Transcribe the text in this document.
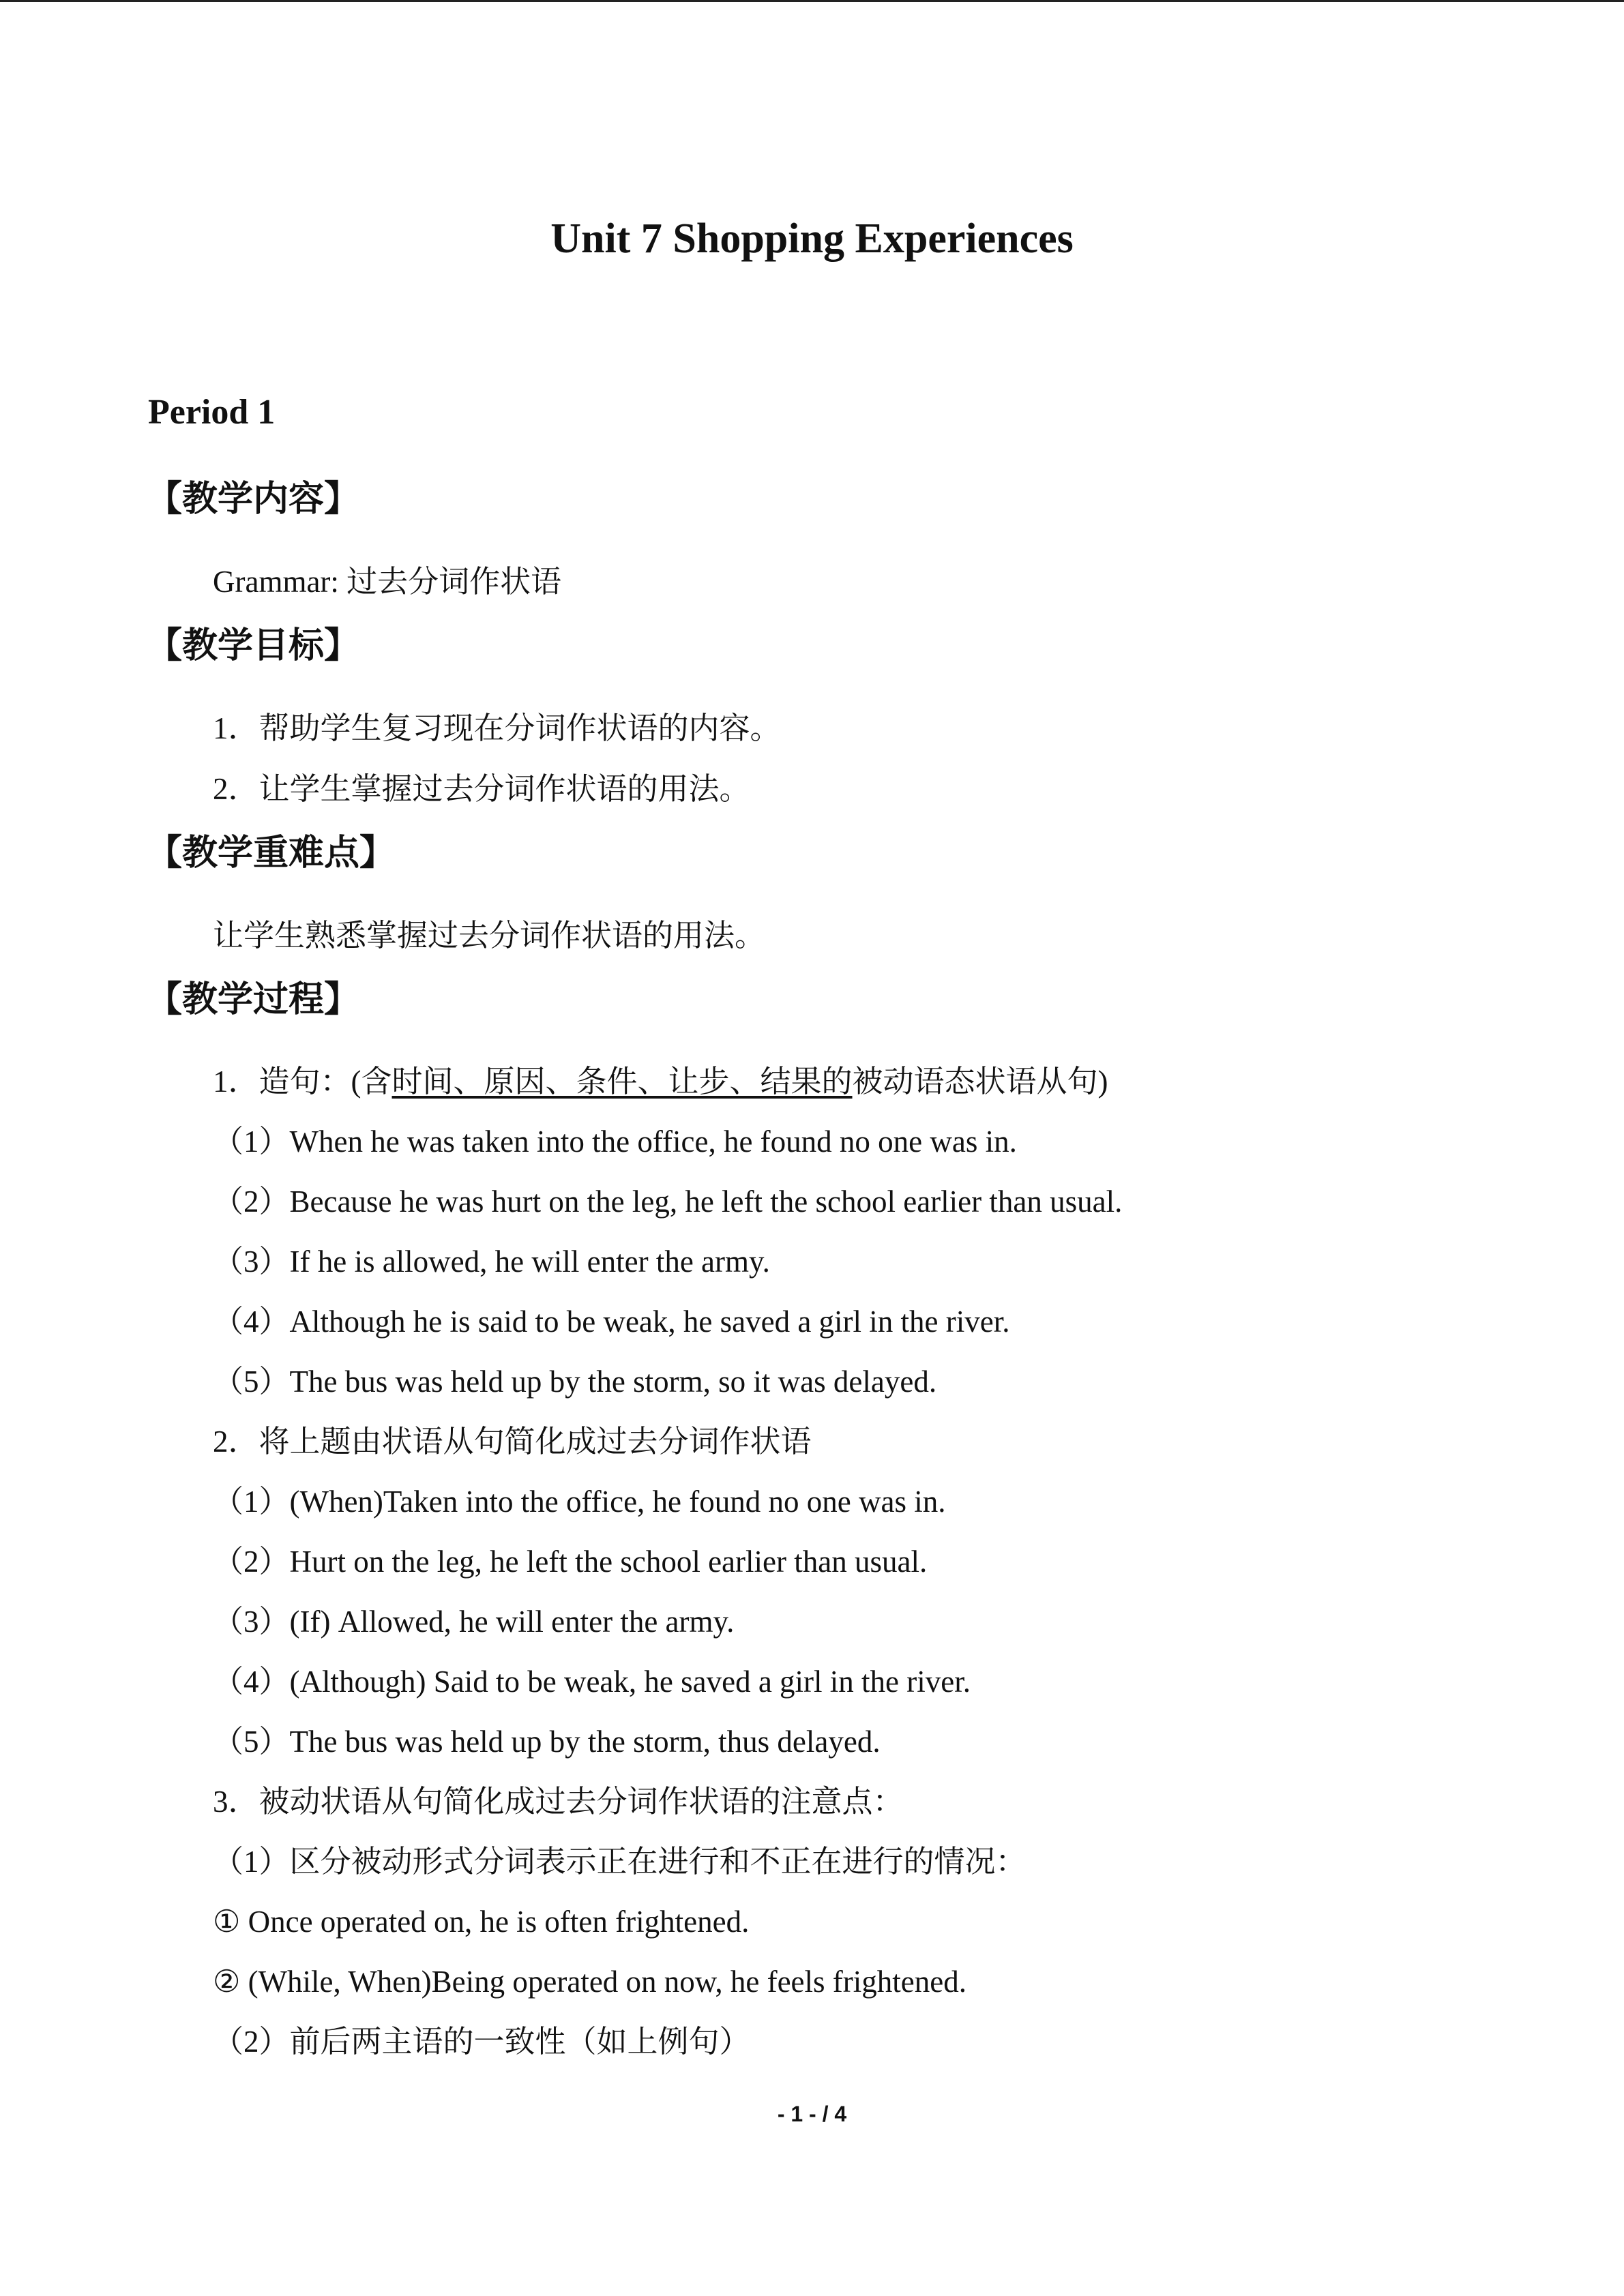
Unit 7 Shopping Experiences
Period 1
【教学内容】
Grammar: 过去分词作状语
【教学目标】
1．帮助学生复习现在分词作状语的内容。
2．让学生掌握过去分词作状语的用法。
【教学重难点】
让学生熟悉掌握过去分词作状语的用法。
【教学过程】
1．造句：(含时间、原因、条件、让步、结果的被动语态状语从句)
（1）When he was taken into the office, he found no one was in.
（2）Because he was hurt on the leg, he left the school earlier than usual.
（3）If he is allowed, he will enter the army.
（4）Although he is said to be weak, he saved a girl in the river.
（5）The bus was held up by the storm, so it was delayed.
2．将上题由状语从句简化成过去分词作状语
（1）(When)Taken into the office, he found no one was in.
（2）Hurt on the leg, he left the school earlier than usual.
（3）(If) Allowed, he will enter the army.
（4）(Although) Said to be weak, he saved a girl in the river.
（5）The bus was held up by the storm, thus delayed.
3．被动状语从句简化成过去分词作状语的注意点：
（1）区分被动形式分词表示正在进行和不正在进行的情况：
① Once operated on, he is often frightened.
② (While, When)Being operated on now, he feels frightened.
（2）前后两主语的一致性（如上例句）
- 1 - / 4
